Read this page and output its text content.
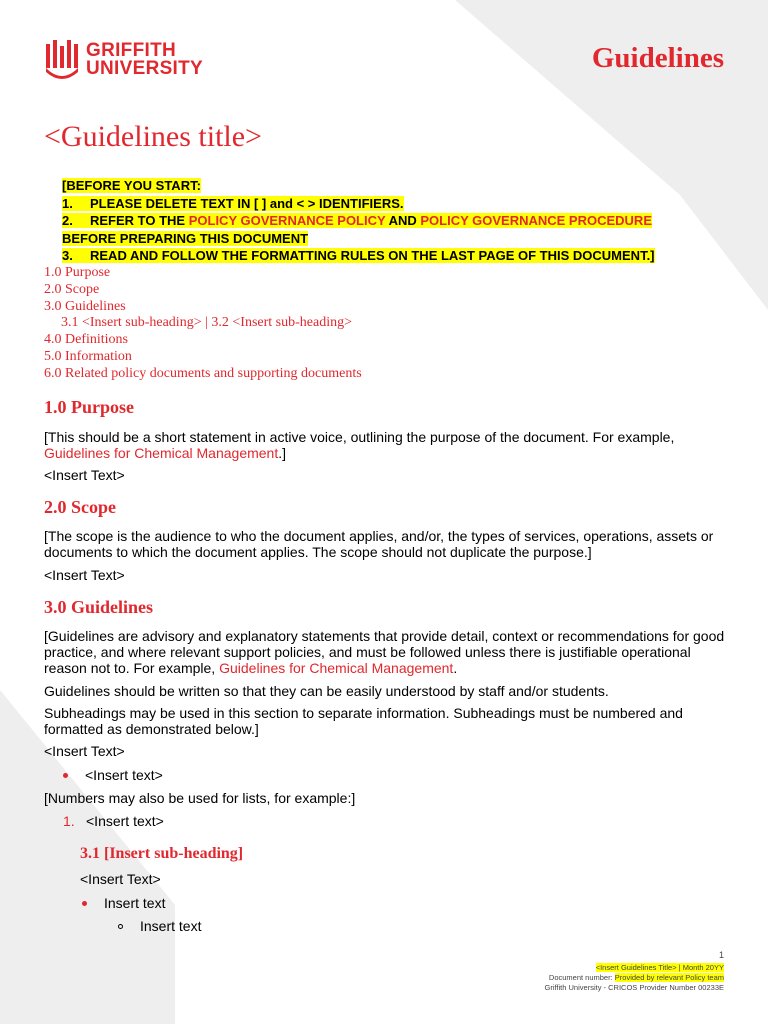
GRIFFITH
UNIVERSITY	Guidelines
<Guidelines title>
[BEFORE YOU START:
1. PLEASE DELETE TEXT IN [ ] and < > IDENTIFIERS.
2. REFER TO THE POLICY GOVERNANCE POLICY AND POLICY GOVERNANCE PROCEDURE
BEFORE PREPARING THIS DOCUMENT
3. READ AND FOLLOW THE FORMATTING RULES ON THE LAST PAGE OF THIS DOCUMENT.]
1.0 Purpose
2.0 Scope
3.0 Guidelines
3.1 <Insert sub-heading> | 3.2 <Insert sub-heading>
4.0 Definitions
5.0 Information
6.0 Related policy documents and supporting documents
1.0 Purpose

[This should be a short statement in active voice, outlining the purpose of the document. For example, Guidelines for Chemical Management.]

<Insert Text>

2.0 Scope

[The scope is the audience to who the document applies, and/or, the types of services, operations, assets or documents to which the document applies. The scope should not duplicate the purpose.]

<Insert Text>

3.0 Guidelines

[Guidelines are advisory and explanatory statements that provide detail, context or recommendations for good practice, and where relevant support policies, and must be followed unless there is justifiable operational reason not to. For example, Guidelines for Chemical Management.

Guidelines should be written so that they can be easily understood by staff and/or students.

Subheadings may be used in this section to separate information. Subheadings must be numbered and formatted as demonstrated below.]

<Insert Text>

<Insert text>

[Numbers may also be used for lists, for example:]

1. <Insert text>
3.1 [Insert sub-heading]

<Insert Text>

Insert text
Insert text
1
<Insert Guidelines Title> | Month 20YY
Document number: Provided by relevant Policy team
Griffith University - CRICOS Provider Number 00233E
